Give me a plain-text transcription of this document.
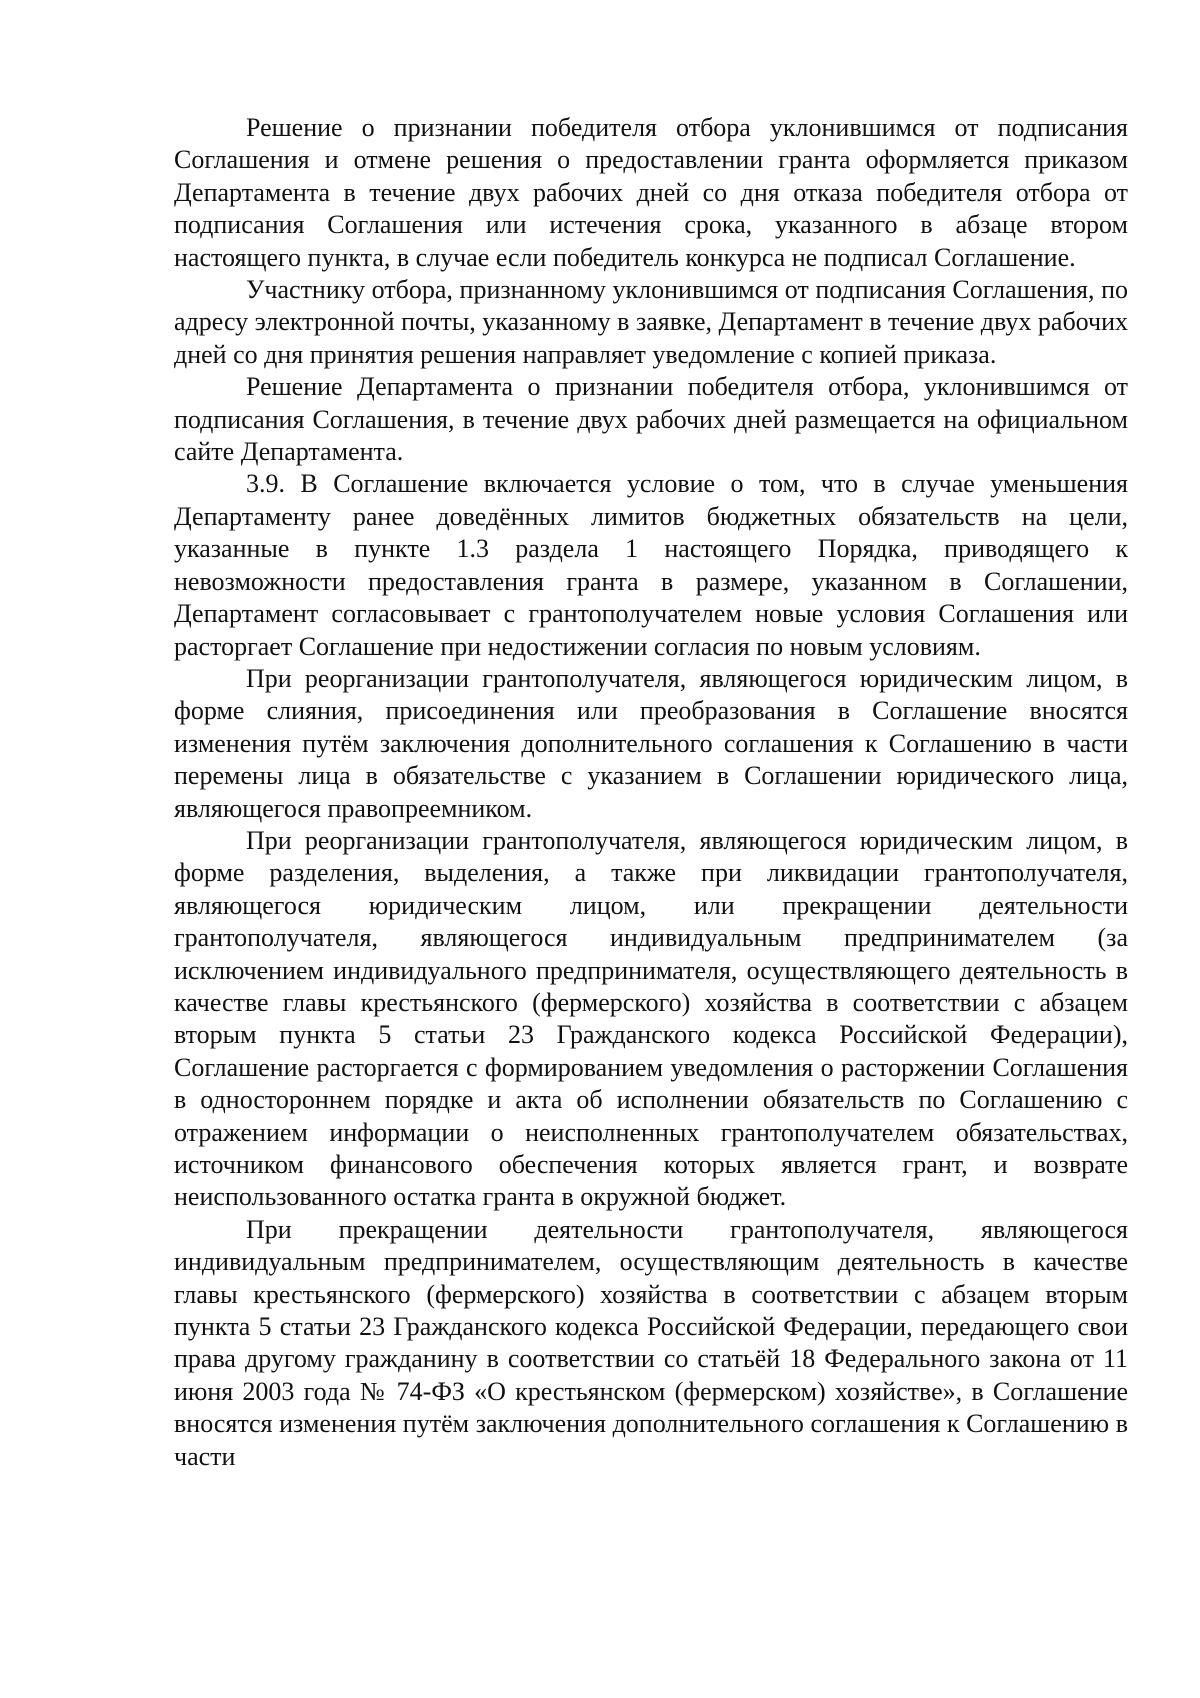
Решение о признании победителя отбора уклонившимся от подписания Соглашения и отмене решения о предоставлении гранта оформляется приказом Департамента в течение двух рабочих дней со дня отказа победителя отбора от подписания Соглашения или истечения срока, указанного в абзаце втором настоящего пункта, в случае если победитель конкурса не подписал Соглашение.

Участнику отбора, признанному уклонившимся от подписания Соглашения, по адресу электронной почты, указанному в заявке, Департамент в течение двух рабочих дней со дня принятия решения направляет уведомление с копией приказа.

Решение Департамента о признании победителя отбора, уклонившимся от подписания Соглашения, в течение двух рабочих дней размещается на официальном сайте Департамента.

3.9. В Соглашение включается условие о том, что в случае уменьшения Департаменту ранее доведённых лимитов бюджетных обязательств на цели, указанные в пункте 1.3 раздела 1 настоящего Порядка, приводящего к невозможности предоставления гранта в размере, указанном в Соглашении, Департамент согласовывает с грантополучателем новые условия Соглашения или расторгает Соглашение при недостижении согласия по новым условиям.

При реорганизации грантополучателя, являющегося юридическим лицом, в форме слияния, присоединения или преобразования в Соглашение вносятся изменения путём заключения дополнительного соглашения к Соглашению в части перемены лица в обязательстве с указанием в Соглашении юридического лица, являющегося правопреемником.

При реорганизации грантополучателя, являющегося юридическим лицом, в форме разделения, выделения, а также при ликвидации грантополучателя, являющегося юридическим лицом, или прекращении деятельности грантополучателя, являющегося индивидуальным предпринимателем (за исключением индивидуального предпринимателя, осуществляющего деятельность в качестве главы крестьянского (фермерского) хозяйства в соответствии с абзацем вторым пункта 5 статьи 23 Гражданского кодекса Российской Федерации), Соглашение расторгается с формированием уведомления о расторжении Соглашения в одностороннем порядке и акта об исполнении обязательств по Соглашению с отражением информации о неисполненных грантополучателем обязательствах, источником финансового обеспечения которых является грант, и возврате неиспользованного остатка гранта в окружной бюджет.

При прекращении деятельности грантополучателя, являющегося индивидуальным предпринимателем, осуществляющим деятельность в качестве главы крестьянского (фермерского) хозяйства в соответствии с абзацем вторым пункта 5 статьи 23 Гражданского кодекса Российской Федерации, передающего свои права другому гражданину в соответствии со статьёй 18 Федерального закона от 11 июня 2003 года № 74-ФЗ «О крестьянском (фермерском) хозяйстве», в Соглашение вносятся изменения путём заключения дополнительного соглашения к Соглашению в части
